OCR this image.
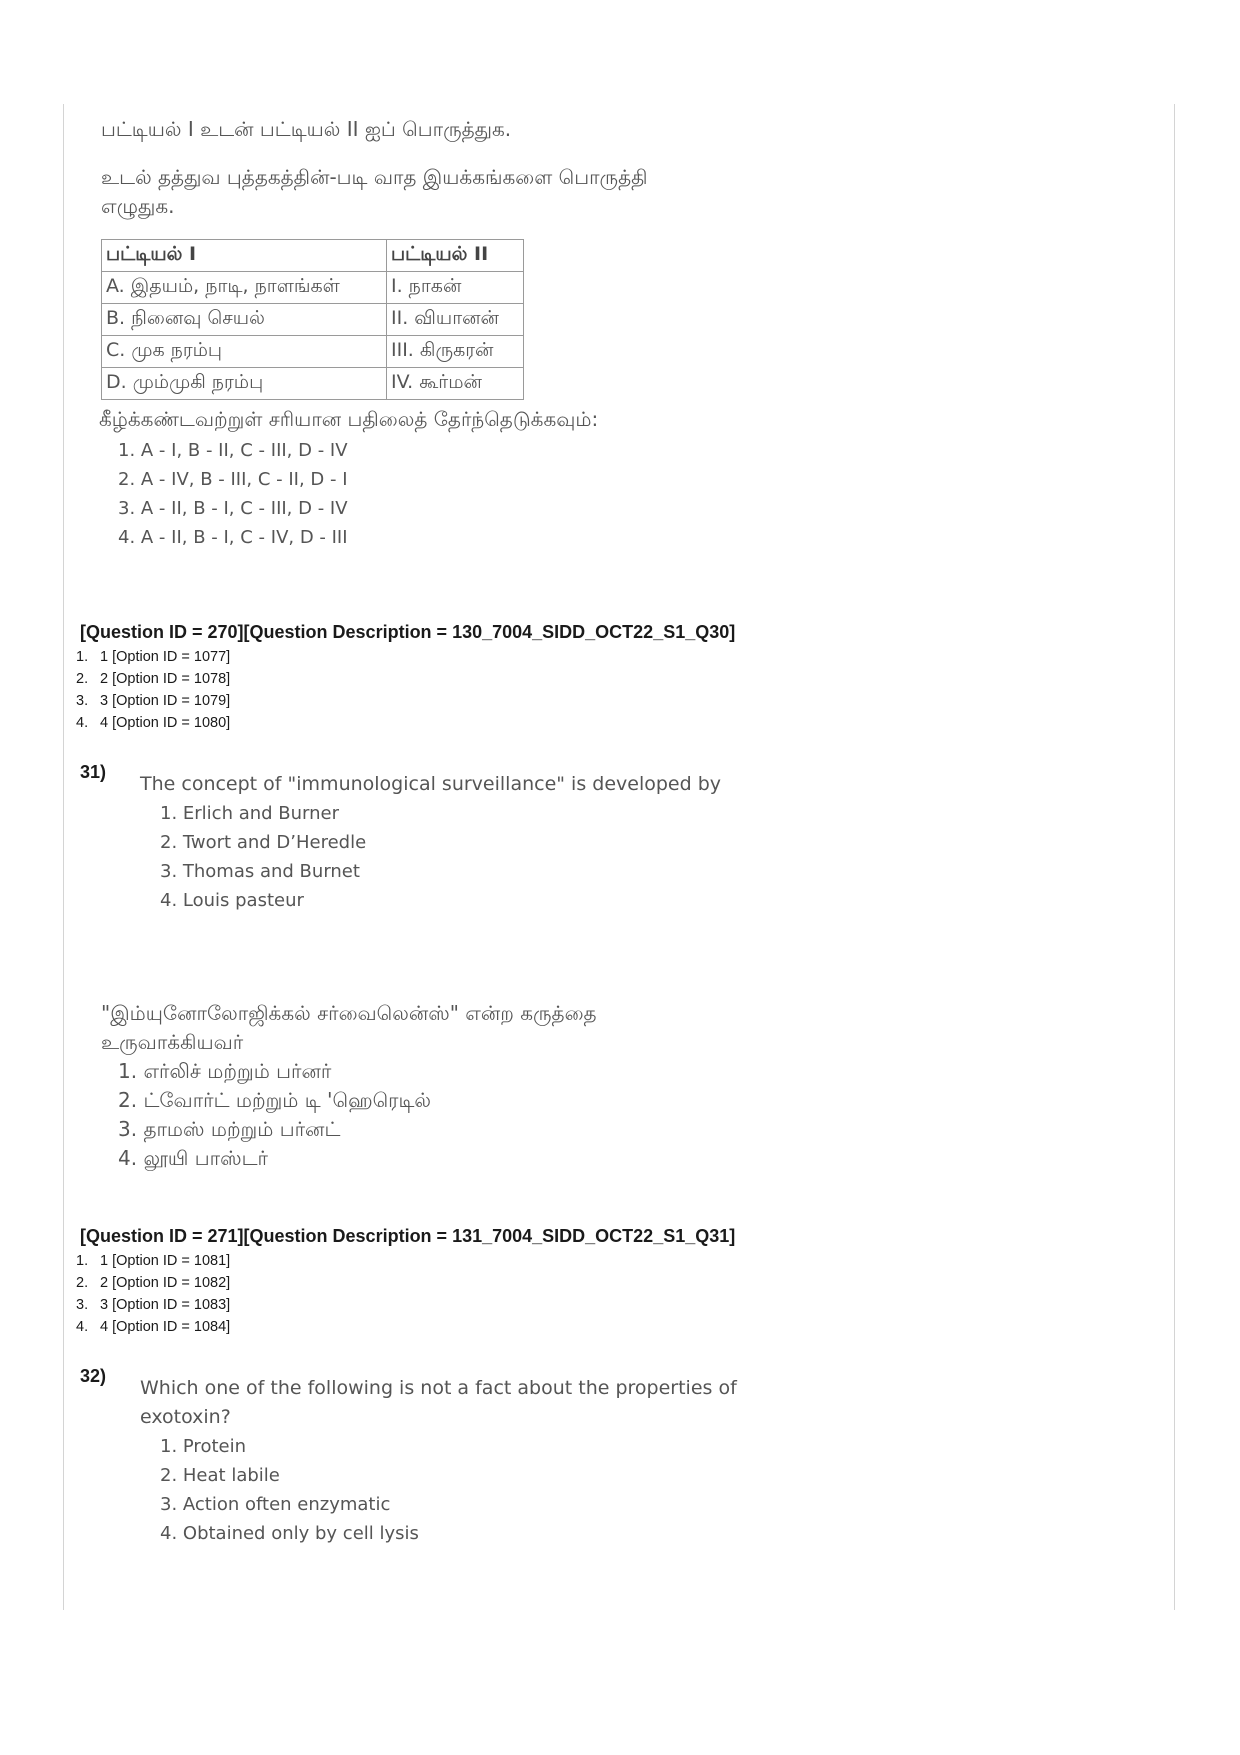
பட்டியல் I உடன் பட்டியல் II ஐப் பொருத்துக.
உடல் தத்துவ புத்தகத்தின்-படி வாத இயக்கங்களை பொருத்தி
எழுதுக.
பட்டியல் I	பட்டியல் II
A. இதயம், நாடி, நாளங்கள்	I. நாகன்
B. நினைவு செயல்	II. வியானன்
C. முக நரம்பு	III. கிருகரன்
D. மும்முகி நரம்பு	IV. கூர்மன்
கீழ்க்கண்டவற்றுள் சரியான பதிலைத் தேர்ந்தெடுக்கவும்:
1. A - I, B - II, C - III, D - IV
2. A - IV, B - III, C - II, D - I
3. A - II, B - I, C - III, D - IV
4. A - II, B - I, C - IV, D - III
[Question ID = 270][Question Description = 130_7004_SIDD_OCT22_S1_Q30]
1. 1 [Option ID = 1077]
2. 2 [Option ID = 1078]
3. 3 [Option ID = 1079]
4. 4 [Option ID = 1080]
31)
The concept of "immunological surveillance" is developed by
1. Erlich and Burner
2. Twort and D’Heredle
3. Thomas and Burnet
4. Louis pasteur
"இம்யுனோலோஜிக்கல் சர்வைலென்ஸ்" என்ற கருத்தை
உருவாக்கியவர்
1. எர்லிச் மற்றும் பர்னர்
2. ட்வோர்ட் மற்றும் டி 'ஹெரெடில்
3. தாமஸ் மற்றும் பர்னட்
4. லூயி பாஸ்டர்
[Question ID = 271][Question Description = 131_7004_SIDD_OCT22_S1_Q31]
1. 1 [Option ID = 1081]
2. 2 [Option ID = 1082]
3. 3 [Option ID = 1083]
4. 4 [Option ID = 1084]
32)
Which one of the following is not a fact about the properties of
exotoxin?
1. Protein
2. Heat labile
3. Action often enzymatic
4. Obtained only by cell lysis
